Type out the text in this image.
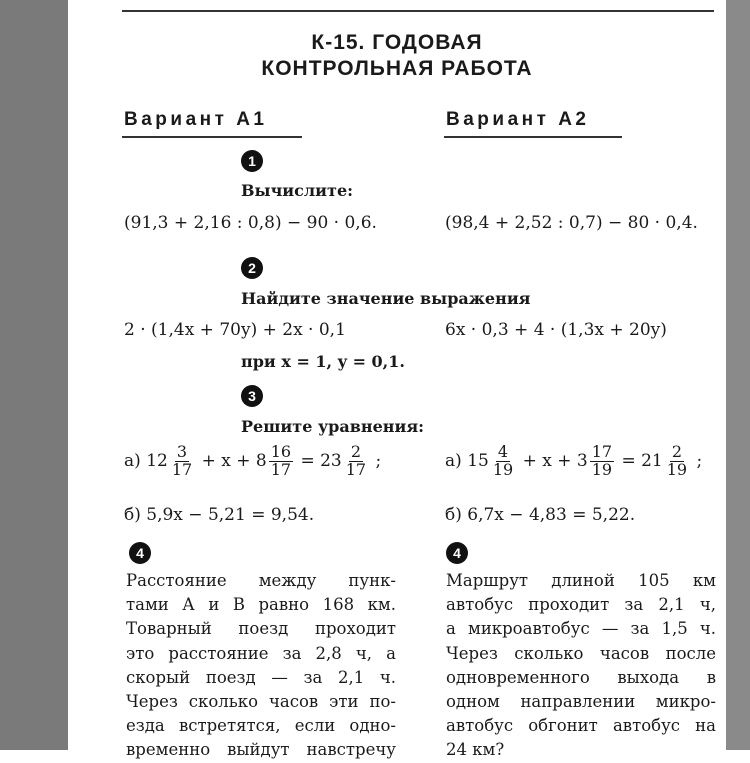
К-15. ГОДОВАЯ
КОНТРОЛЬНАЯ РАБОТА
Вариант А1	Вариант А2
1
Вычислите:
(91,3 + 2,16 : 0,8) − 90 · 0,6.	(98,4 + 2,52 : 0,7) − 80 · 0,4.
2
Найдите значение выражения
2 · (1,4x + 70y) + 2x · 0,1	6x · 0,3 + 4 · (1,3x + 20y)
при x = 1, y = 0,1.
3
Решите уравнения:
а)
$12 \frac{3}{17}$
+ $x + 8 \frac{16}{17}$
= $23 \frac{2}{17}$
;	а)
$15 \frac{4}{19}$
+ $x + 3 \frac{17}{19}$
= $21 \frac{2}{19}$
;
б) 5,9x − 5,21 = 9,54.	б) 6,7x − 4,83 = 5,22.
4	4
Расстояние между пунк-
тами А и В равно 168 км.
Товарный поезд проходит
это расстояние за 2,8 ч, а
скорый поезд — за 2,1 ч.
Через сколько часов эти по-
езда встретятся, если одно-
временно выйдут навстречу
Маршрут длиной 105 км
автобус проходит за 2,1 ч,
а микроавтобус — за 1,5 ч.
Через сколько часов после
одновременного выхода в
одном направлении микро-
автобус обгонит автобус на
24 км?
